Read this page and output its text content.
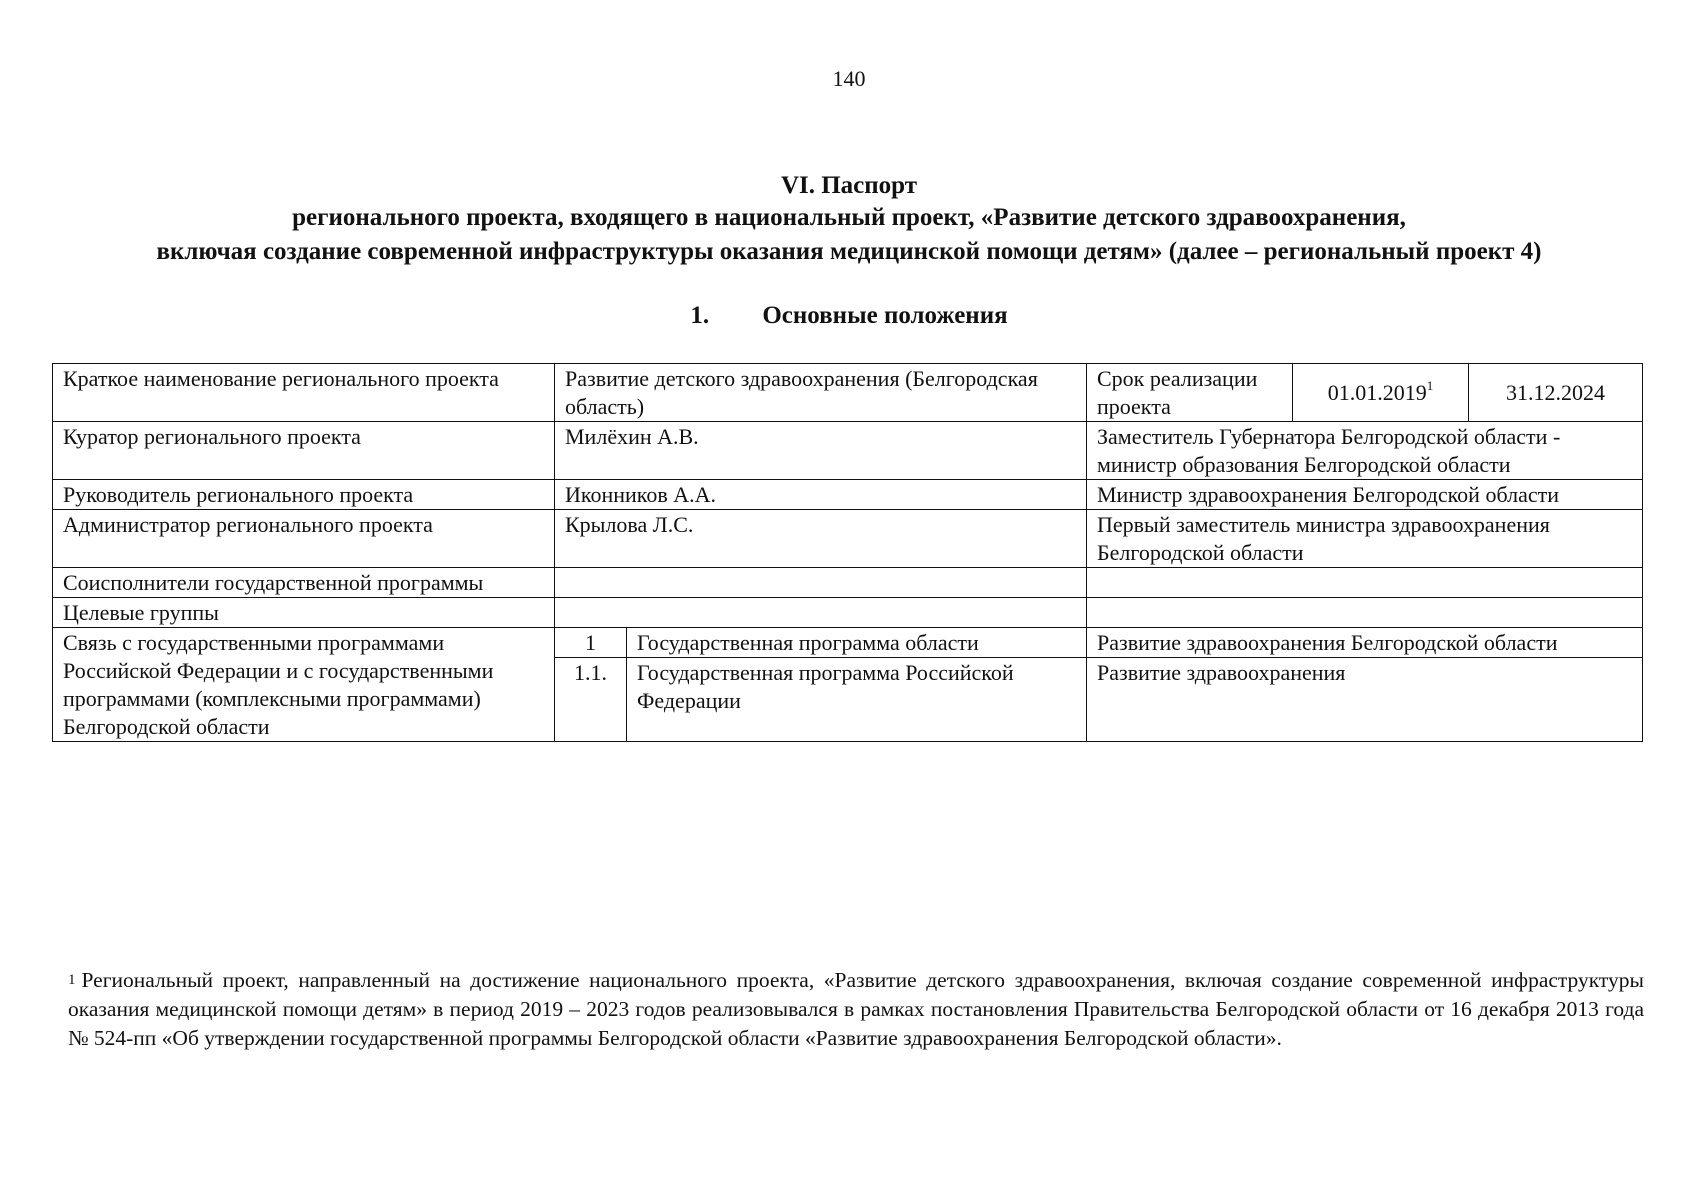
140
VI. Паспорт
регионального проекта, входящего в национальный проект, «Развитие детского здравоохранения,
включая создание современной инфраструктуры оказания медицинской помощи детям» (далее – региональный проект 4)
1. Основные положения
Краткое наименование регионального проекта	Развитие детского здравоохранения (Белгородская область)		Срок реализации проекта	01.01.2019$^1$	31.12.2024
Куратор регионального проекта	Милёхин А.В.		Заместитель Губернатора Белгородской области - министр образования Белгородской области		
Руководитель регионального проекта	Иконников А.А.		Министр здравоохранения Белгородской области		
Администратор регионального проекта	Крылова Л.С.		Первый заместитель министра здравоохранения Белгородской области		
Соисполнители государственной программы					
Целевые группы					
Связь с государственными программами Российской Федерации и с государственными программами (комплексными программами) Белгородской области	1	Государственная программа области	Развитие здравоохранения Белгородской области		
	1.1.	Государственная программа Российской Федерации	Развитие здравоохранения		
$^1$ Региональный проект, направленный на достижение национального проекта, «Развитие детского здравоохранения, включая создание современной инфраструктуры оказания медицинской помощи детям» в период 2019 – 2023 годов реализовывался в рамках постановления Правительства Белгородской области от 16 декабря 2013 года № 524-пп «Об утверждении государственной программы Белгородской области «Развитие здравоохранения Белгородской области».
